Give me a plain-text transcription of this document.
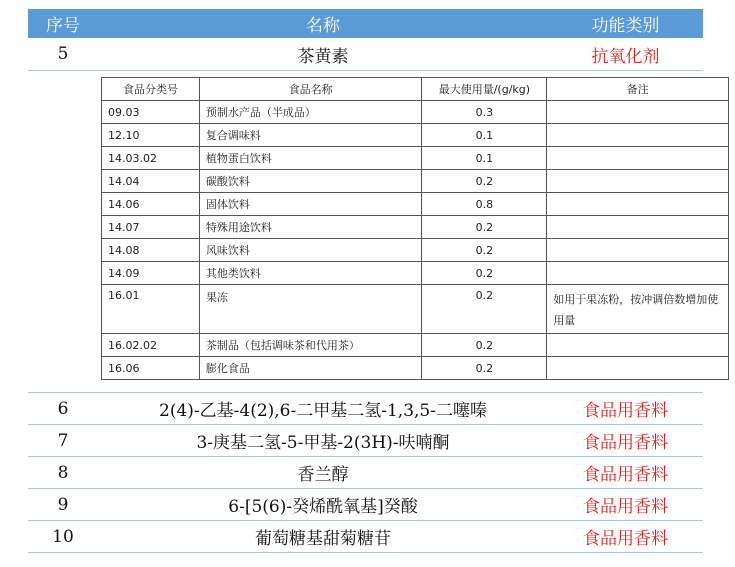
序号	名称	功能类别
5	茶黄素	抗氧化剂
食品分类号	食品名称	最大使用量/(g/kg)	备注
09.03	预制水产品（半成品）	0.3	
12.10	复合调味料	0.1	
14.03.02	植物蛋白饮料	0.1	
14.04	碳酸饮料	0.2	
14.06	固体饮料	0.8	
14.07	特殊用途饮料	0.2	
14.08	风味饮料	0.2	
14.09	其他类饮料	0.2	
16.01	果冻	0.2	如用于果冻粉，按冲调倍数增加使用量
16.02.02	茶制品（包括调味茶和代用茶）	0.2	
16.06	膨化食品	0.2	
6	2(4)-乙基-4(2),6-二甲基二氢-1,3,5-二噻嗪	食品用香料
7	3-庚基二氢-5-甲基-2(3H)-呋喃酮	食品用香料
8	香兰醇	食品用香料
9	6-[5(6)-癸烯酰氧基]癸酸	食品用香料
10	葡萄糖基甜菊糖苷	食品用香料
